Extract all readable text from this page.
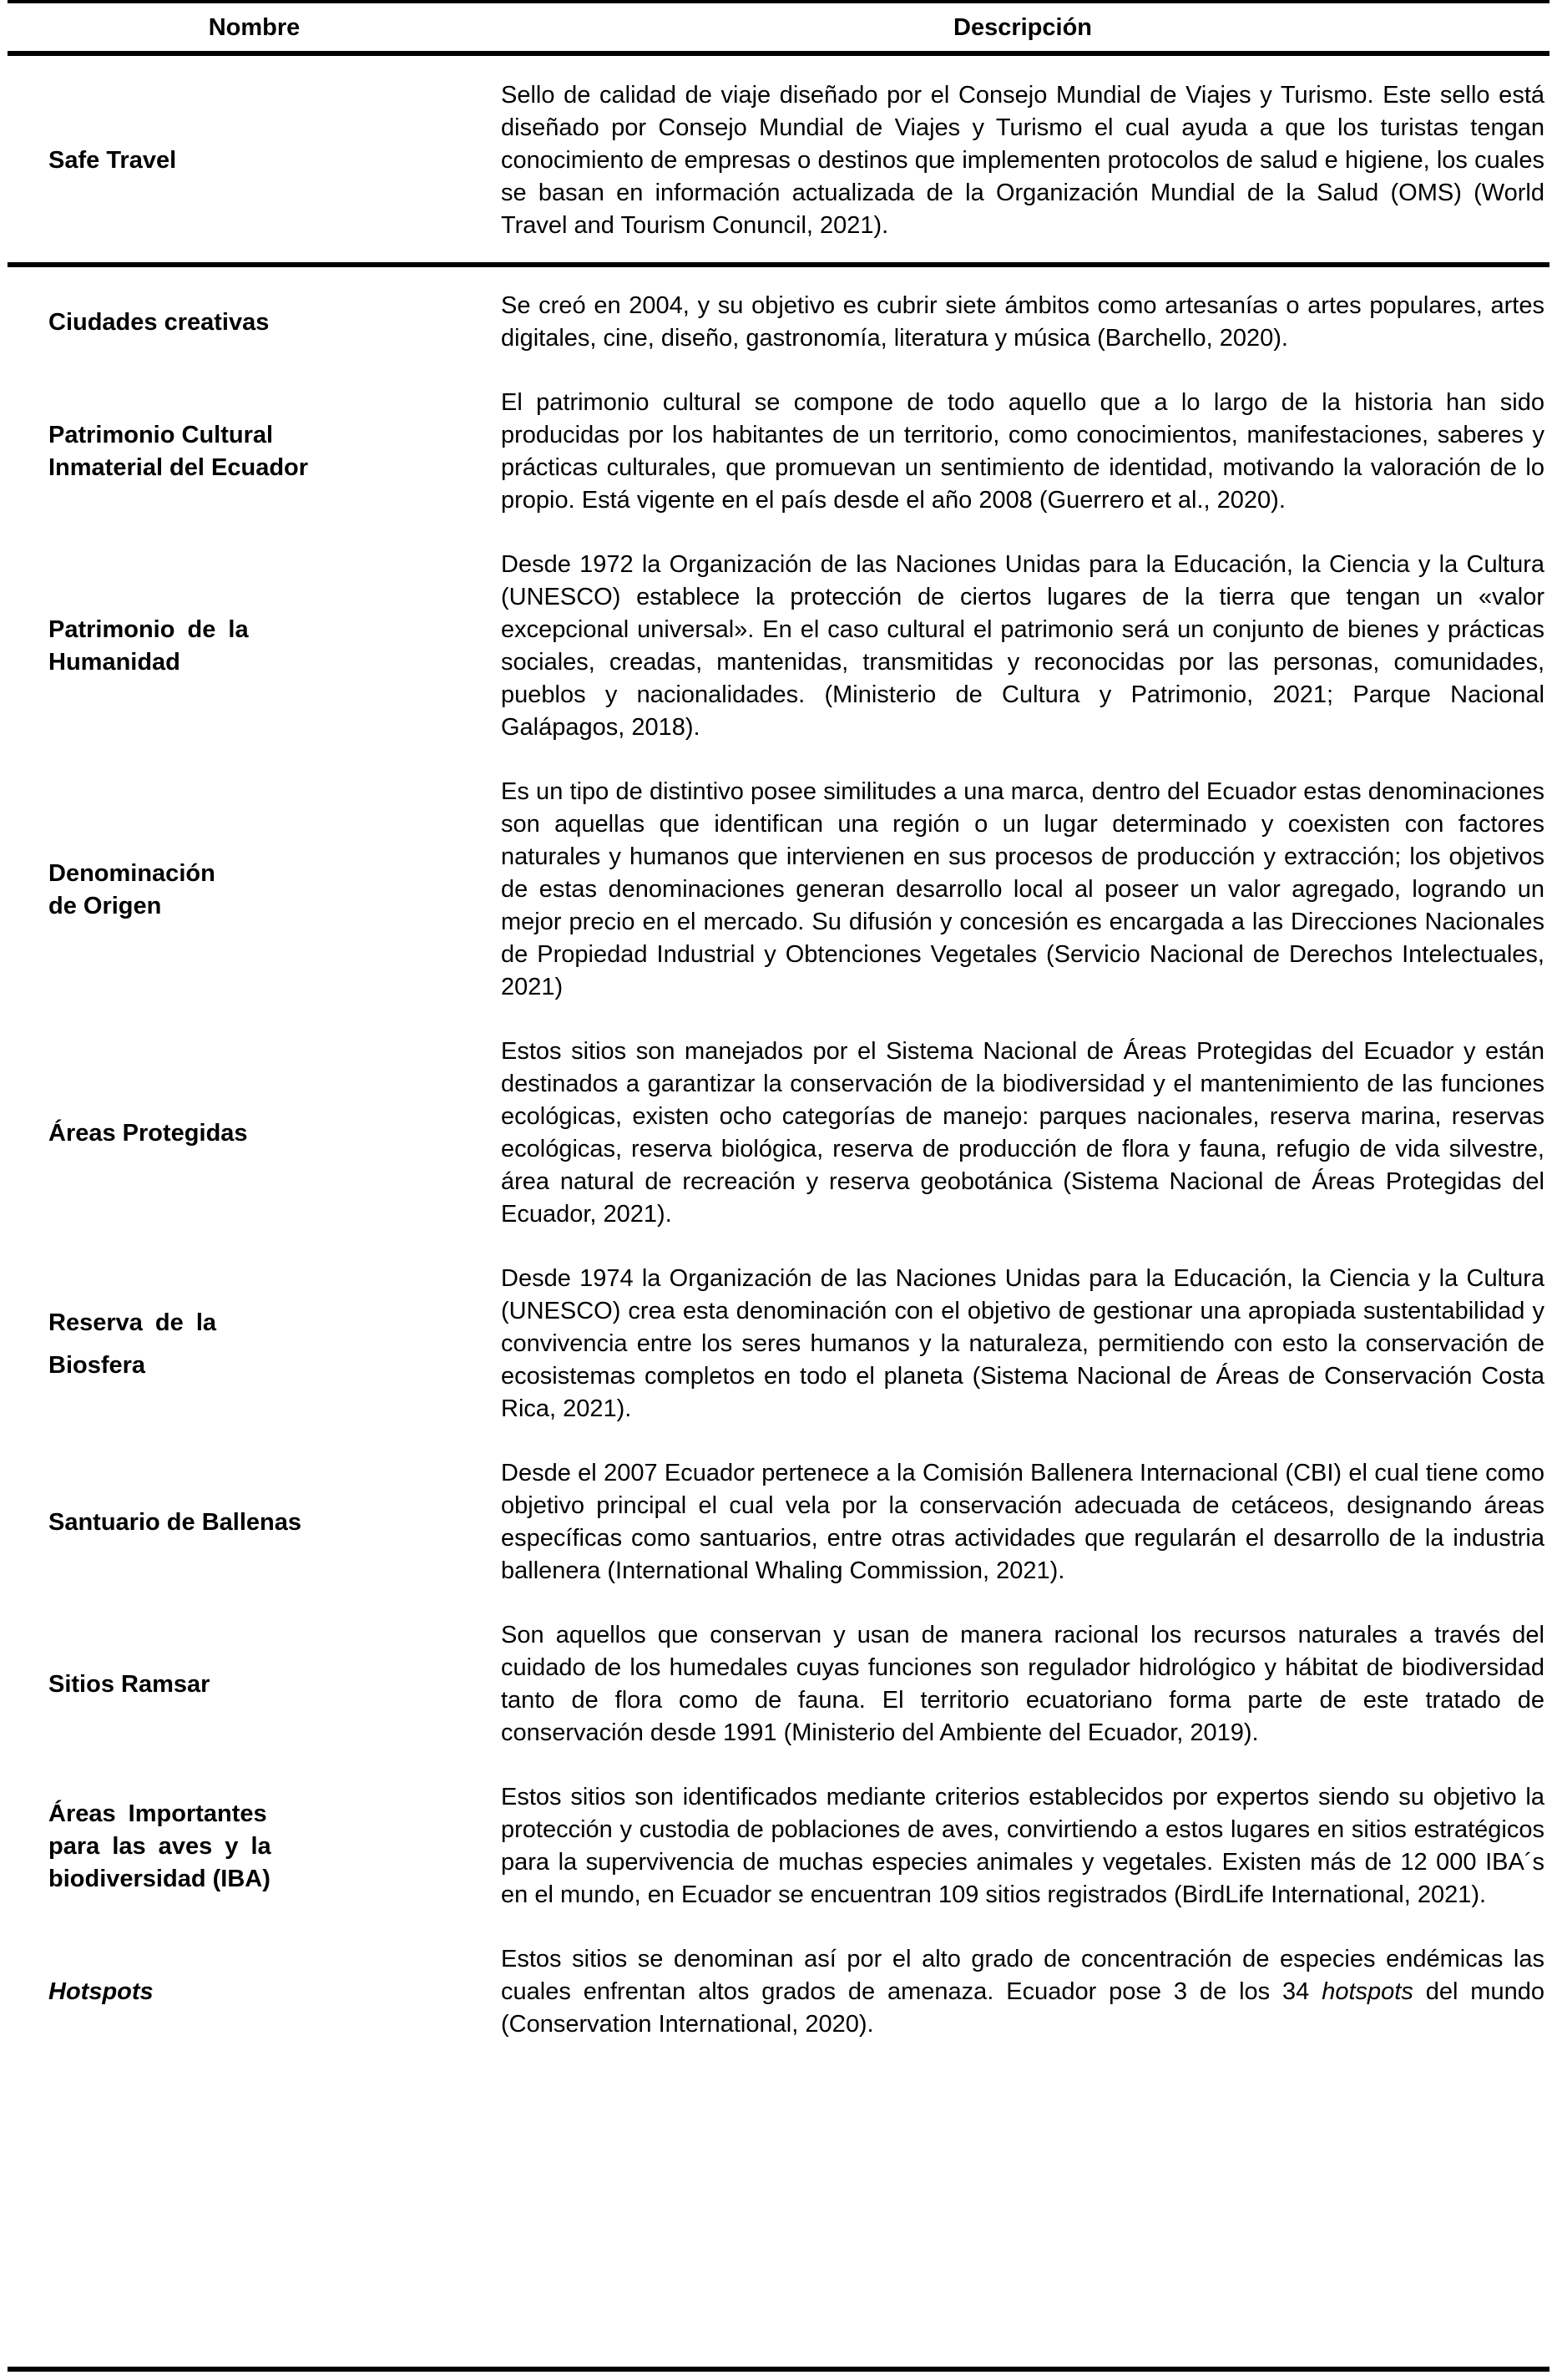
Nombre	Descripción
Safe Travel
Sello de calidad de viaje diseñado por el Consejo Mundial de Viajes y Turismo. Este sello está diseñado por Consejo Mundial de Viajes y Turismo el cual ayuda a que los turistas tengan conocimiento de empresas o destinos que implementen protocolos de salud e higiene, los cuales se basan en información actualizada de la Organización Mundial de la Salud (OMS) (World Travel and Tourism Conuncil, 2021).
Ciudades creativas
Se creó en 2004, y su objetivo es cubrir siete ámbitos como artesanías o artes populares, artes digitales, cine, diseño, gastronomía, literatura y música (Barchello, 2020).
Patrimonio Cultural
Inmaterial del Ecuador
El patrimonio cultural se compone de todo aquello que a lo largo de la historia han sido producidas por los habitantes de un territorio, como conocimientos, manifestaciones, saberes y prácticas culturales, que promuevan un sentimiento de identidad, motivando la valoración de lo propio. Está vigente en el país desde el año 2008 (Guerrero et al., 2020).
Patrimonio de la
Humanidad
Desde 1972 la Organización de las Naciones Unidas para la Educación, la Ciencia y la Cultura (UNESCO) establece la protección de ciertos lugares de la tierra que tengan un «valor excepcional universal». En el caso cultural el patrimonio será un conjunto de bienes y prácticas sociales, creadas, mantenidas, transmitidas y reconocidas por las personas, comunidades, pueblos y nacionalidades. (Ministerio de Cultura y Patrimonio, 2021; Parque Nacional Galápagos, 2018).
Denominación
de Origen
Es un tipo de distintivo posee similitudes a una marca, dentro del Ecuador estas denominaciones son aquellas que identifican una región o un lugar determinado y coexisten con factores naturales y humanos que intervienen en sus procesos de producción y extracción; los objetivos de estas denominaciones generan desarrollo local al poseer un valor agregado, logrando un mejor precio en el mercado. Su difusión y concesión es encargada a las Direcciones Nacionales de Propiedad Industrial y Obtenciones Vegetales (Servicio Nacional de Derechos Intelectuales, 2021)
Áreas Protegidas
Estos sitios son manejados por el Sistema Nacional de Áreas Protegidas del Ecuador y están destinados a garantizar la conservación de la biodiversidad y el mantenimiento de las funciones ecológicas, existen ocho categorías de manejo: parques nacionales, reserva marina, reservas ecológicas, reserva biológica, reserva de producción de flora y fauna, refugio de vida silvestre, área natural de recreación y reserva geobotánica (Sistema Nacional de Áreas Protegidas del Ecuador, 2021).
Reserva de la
Biosfera
Desde 1974 la Organización de las Naciones Unidas para la Educación, la Ciencia y la Cultura (UNESCO) crea esta denominación con el objetivo de gestionar una apropiada sustentabilidad y convivencia entre los seres humanos y la naturaleza, permitiendo con esto la conservación de ecosistemas completos en todo el planeta (Sistema Nacional de Áreas de Conservación Costa Rica, 2021).
Santuario de Ballenas
Desde el 2007 Ecuador pertenece a la Comisión Ballenera Internacional (CBI) el cual tiene como objetivo principal el cual vela por la conservación adecuada de cetáceos, designando áreas específicas como santuarios, entre otras actividades que regularán el desarrollo de la industria ballenera (International Whaling Commission, 2021).
Sitios Ramsar
Son aquellos que conservan y usan de manera racional los recursos naturales a través del cuidado de los humedales cuyas funciones son regulador hidrológico y hábitat de biodiversidad tanto de flora como de fauna. El territorio ecuatoriano forma parte de este tratado de conservación desde 1991 (Ministerio del Ambiente del Ecuador, 2019).
Áreas Importantes
para las aves y la
biodiversidad (IBA)
Estos sitios son identificados mediante criterios establecidos por expertos siendo su objetivo la protección y custodia de poblaciones de aves, convirtiendo a estos lugares en sitios estratégicos para la supervivencia de muchas especies animales y vegetales. Existen más de 12 000 IBA´s en el mundo, en Ecuador se encuentran 109 sitios registrados (BirdLife International, 2021).
Hotspots
Estos sitios se denominan así por el alto grado de concentración de especies endémicas las cuales enfrentan altos grados de amenaza. Ecuador pose 3 de los 34 hotspots del mundo (Conservation International, 2020).
